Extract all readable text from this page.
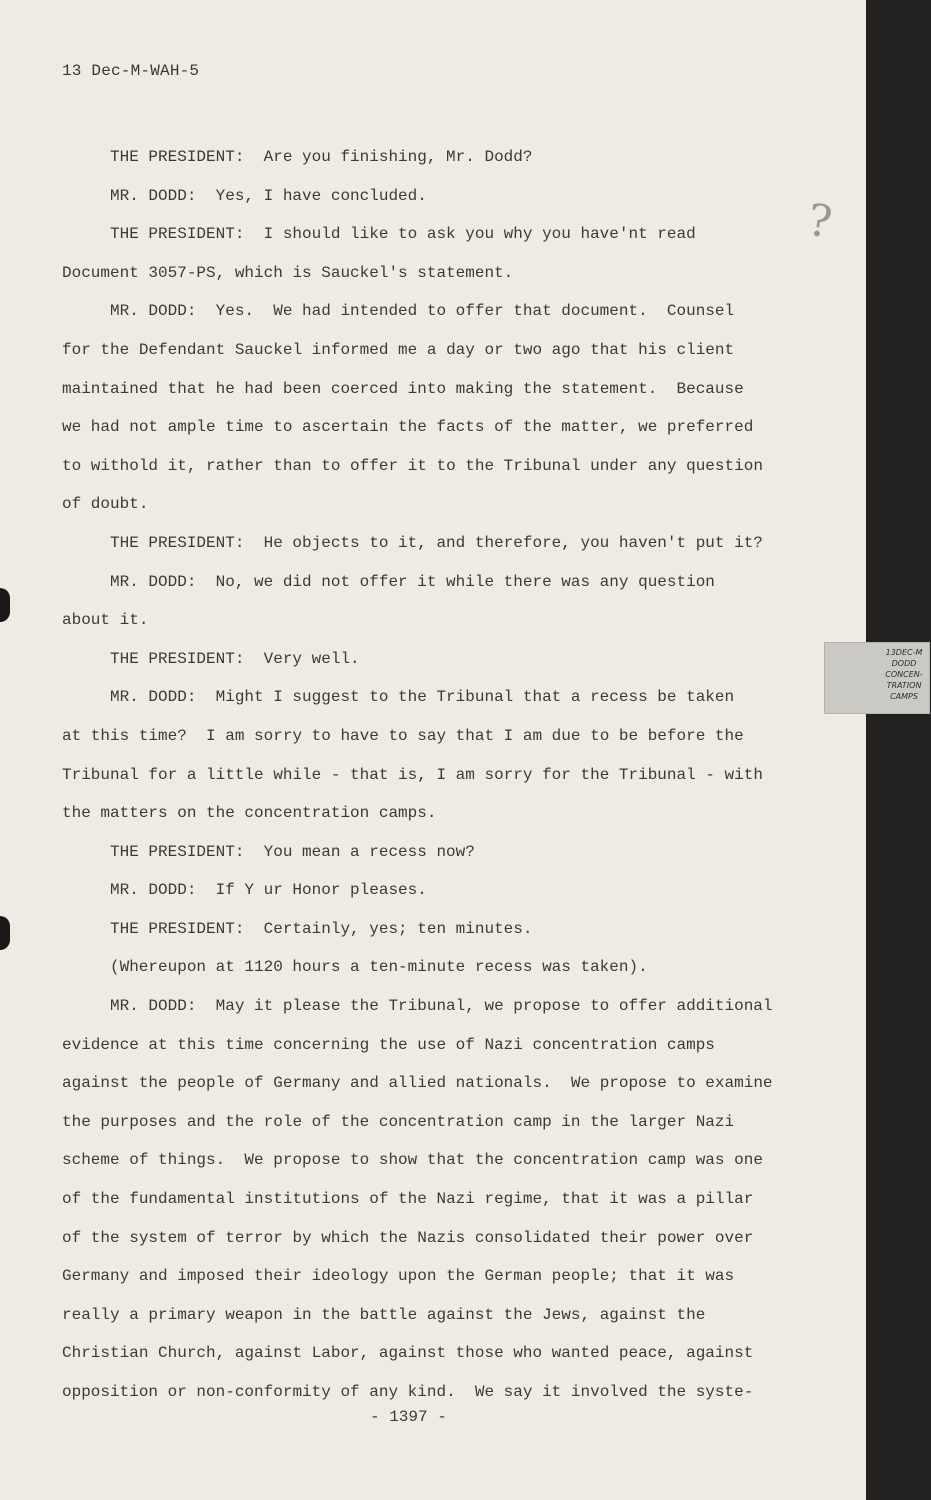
13 Dec-M-WAH-5
?

THE PRESIDENT:  Are you finishing, Mr. Dodd?

MR. DODD:  Yes, I have concluded.

THE PRESIDENT:  I should like to ask you why you have'nt read

Document 3057-PS, which is Sauckel's statement.

MR. DODD:  Yes.  We had intended to offer that document.  Counsel

for the Defendant Sauckel informed me a day or two ago that his client

maintained that he had been coerced into making the statement.  Because

we had not ample time to ascertain the facts of the matter, we preferred

to withold it, rather than to offer it to the Tribunal under any question

of doubt.

THE PRESIDENT:  He objects to it, and therefore, you haven't put it?

MR. DODD:  No, we did not offer it while there was any question

about it.

THE PRESIDENT:  Very well.

MR. DODD:  Might I suggest to the Tribunal that a recess be taken

at this time?  I am sorry to have to say that I am due to be before the

Tribunal for a little while - that is, I am sorry for the Tribunal - with

the matters on the concentration camps.

THE PRESIDENT:  You mean a recess now?

MR. DODD:  If Y ur Honor pleases.

THE PRESIDENT:  Certainly, yes; ten minutes.

(Whereupon at 1120 hours a ten-minute recess was taken).

MR. DODD:  May it please the Tribunal, we propose to offer additional

evidence at this time concerning the use of Nazi concentration camps

against the people of Germany and allied nationals.  We propose to examine

the purposes and the role of the concentration camp in the larger Nazi

scheme of things.  We propose to show that the concentration camp was one

of the fundamental institutions of the Nazi regime, that it was a pillar

of the system of terror by which the Nazis consolidated their power over

Germany and imposed their ideology upon the German people; that it was

really a primary weapon in the battle against the Jews, against the

Christian Church, against Labor, against those who wanted peace, against

opposition or non-conformity of any kind.  We say it involved the syste-

- 1397 -
13DEC-M
DODD
CONCEN-
TRATION
CAMPS
